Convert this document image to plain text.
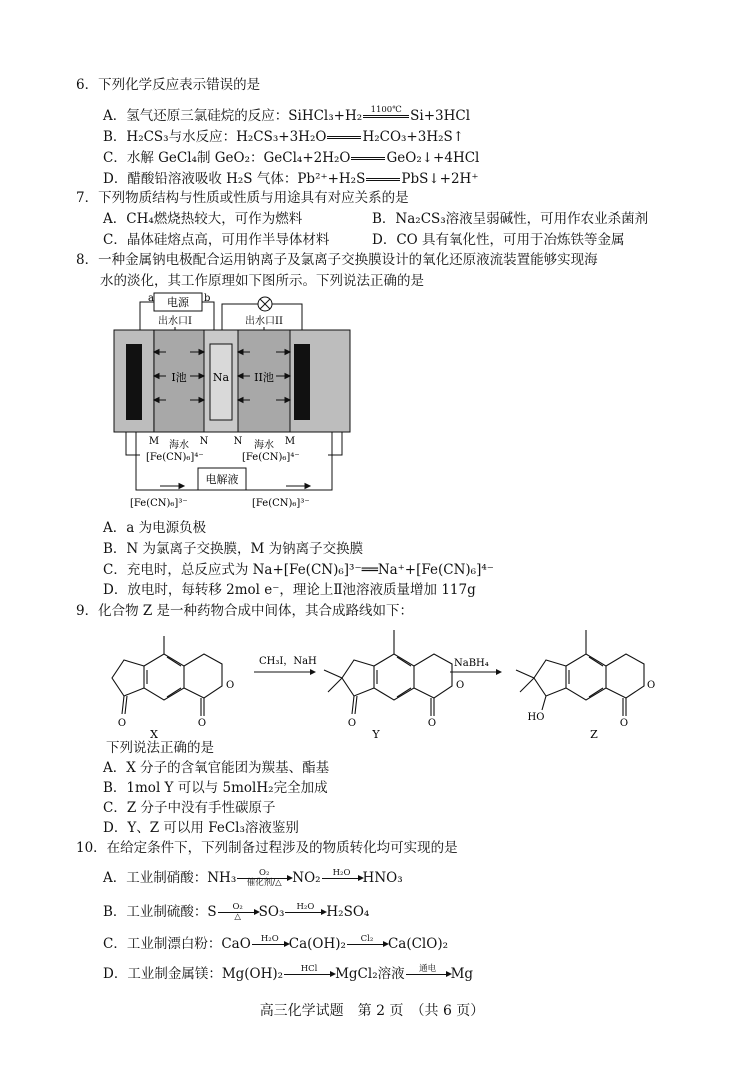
6．下列化学反应表示错误的是
A．氢气还原三氯硅烷的反应：SiHCl₃+H₂ 1100℃
Si+3HCl
B．H₂CS₃与水反应：H₂CS₃+3H₂O

	H₂CO₃+3H₂S↑
C．水解 GeCl₄制 GeO₂：GeCl₄+2H₂O

	GeO₂↓+4HCl
D．醋酸铅溶液吸收 H₂S 气体：Pb²⁺+H₂S

	PbS↓+2H⁺
7．下列物质结构与性质或性质与用途具有对应关系的是
A．CH₄燃烧热较大，可作为燃料	B．Na₂CS₃溶液呈弱碱性，可用作农业杀菌剂
C．晶体硅熔点高，可用作半导体材料	D．CO 具有氧化性，可用于冶炼铁等金属
8．一种金属钠电极配合运用钠离子及氯离子交换膜设计的氧化还原液流装置能够实现海
水的淡化，其工作原理如下图所示。下列说法正确的是
电源
a	b
出水口I	出水口II
I池 Na II池
M 海水 N	N 海水 M
[Fe(CN)₆]⁴⁻	[Fe(CN)₆]⁴⁻
电解液
[Fe(CN)₆]³⁻	[Fe(CN)₆]³⁻
A．a 为电源负极
B．N 为氯离子交换膜，M 为钠离子交换膜
C．充电时，总反应式为 Na+[Fe(CN)₆]³⁻══Na⁺+[Fe(CN)₆]⁴⁻
D．放电时，每转移 2mol e⁻，理论上Ⅱ池溶液质量增加 117g
9．化合物 Z 是一种药物合成中间体，其合成路线如下：
O	O
O
X
CH₃I，NaH
O	O
O
Y
NaBH₄
HO
O
O
Z
下列说法正确的是
A．X 分子的含氧官能团为羰基、酯基
B．1mol Y 可以与 5molH₂完全加成
C．Z 分子中没有手性碳原子
D．Y、Z 可以用 FeCl₃溶液鉴别
10．在给定条件下，下列制备过程涉及的物质转化均可实现的是
A．工业制硝酸：NH₃	O₂
催化剂/△ NO₂	H₂O
HNO₃
B．工业制硫酸：S	O₂
△	SO₃	H₂O
H₂SO₄
C．工业制漂白粉：CaO	H₂O
Ca(OH)₂	Cl₂
	Ca(ClO)₂
D．工业制金属镁：Mg(OH)₂	HCl
	MgCl₂溶液	通电
	Mg
高三化学试题　第 2 页　（共 6 页）
